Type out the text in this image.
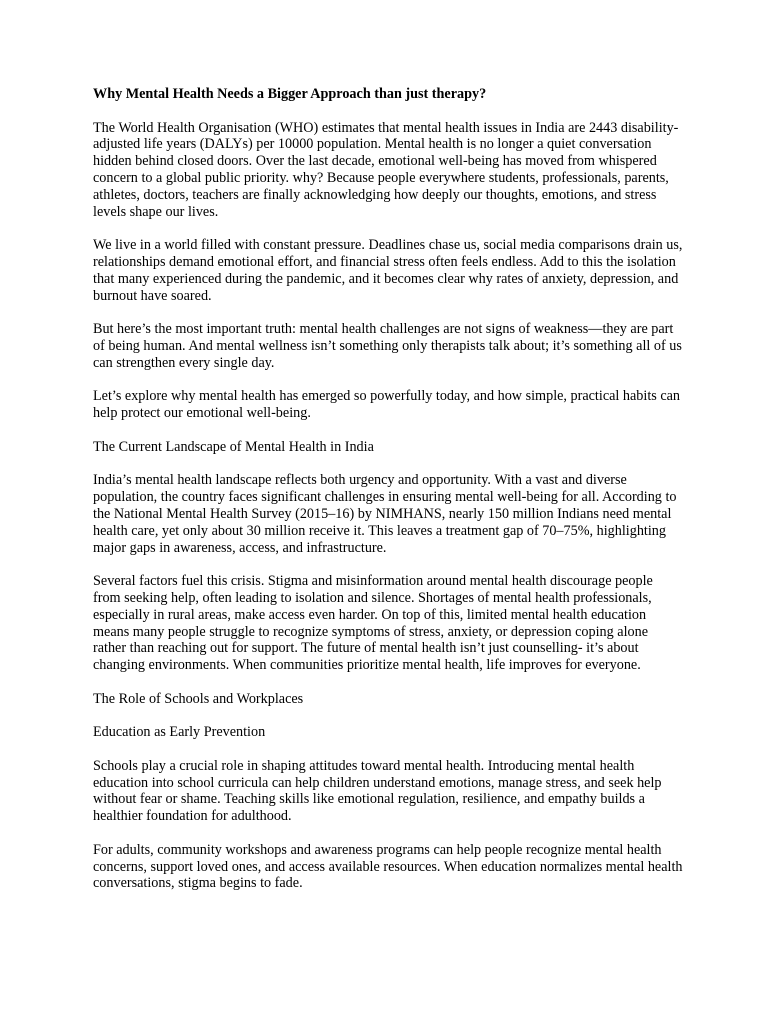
Why Mental Health Needs a Bigger Approach than just therapy?

The World Health Organisation (WHO) estimates that mental health issues in India are 2443 disability-adjusted life years (DALYs) per 10000 population. Mental health is no longer a quiet conversation hidden behind closed doors. Over the last decade, emotional well-being has moved from whispered concern to a global public priority. why? Because people everywhere students, professionals, parents, athletes, doctors, teachers are finally acknowledging how deeply our thoughts, emotions, and stress levels shape our lives.

We live in a world filled with constant pressure. Deadlines chase us, social media comparisons drain us, relationships demand emotional effort, and financial stress often feels endless. Add to this the isolation that many experienced during the pandemic, and it becomes clear why rates of anxiety, depression, and burnout have soared.

But here’s the most important truth: mental health challenges are not signs of weakness—they are part of being human. And mental wellness isn’t something only therapists talk about; it’s something all of us can strengthen every single day.

Let’s explore why mental health has emerged so powerfully today, and how simple, practical habits can help protect our emotional well-being.

The Current Landscape of Mental Health in India

India’s mental health landscape reflects both urgency and opportunity. With a vast and diverse population, the country faces significant challenges in ensuring mental well-being for all. According to the National Mental Health Survey (2015–16) by NIMHANS, nearly 150 million Indians need mental health care, yet only about 30 million receive it. This leaves a treatment gap of 70–75%, highlighting major gaps in awareness, access, and infrastructure.

Several factors fuel this crisis. Stigma and misinformation around mental health discourage people from seeking help, often leading to isolation and silence. Shortages of mental health professionals, especially in rural areas, make access even harder. On top of this, limited mental health education means many people struggle to recognize symptoms of stress, anxiety, or depression coping alone rather than reaching out for support. The future of mental health isn’t just counselling- it’s about changing environments. When communities prioritize mental health, life improves for everyone.

The Role of Schools and Workplaces

Education as Early Prevention

Schools play a crucial role in shaping attitudes toward mental health. Introducing mental health education into school curricula can help children understand emotions, manage stress, and seek help without fear or shame. Teaching skills like emotional regulation, resilience, and empathy builds a healthier foundation for adulthood.

For adults, community workshops and awareness programs can help people recognize mental health concerns, support loved ones, and access available resources. When education normalizes mental health conversations, stigma begins to fade.
